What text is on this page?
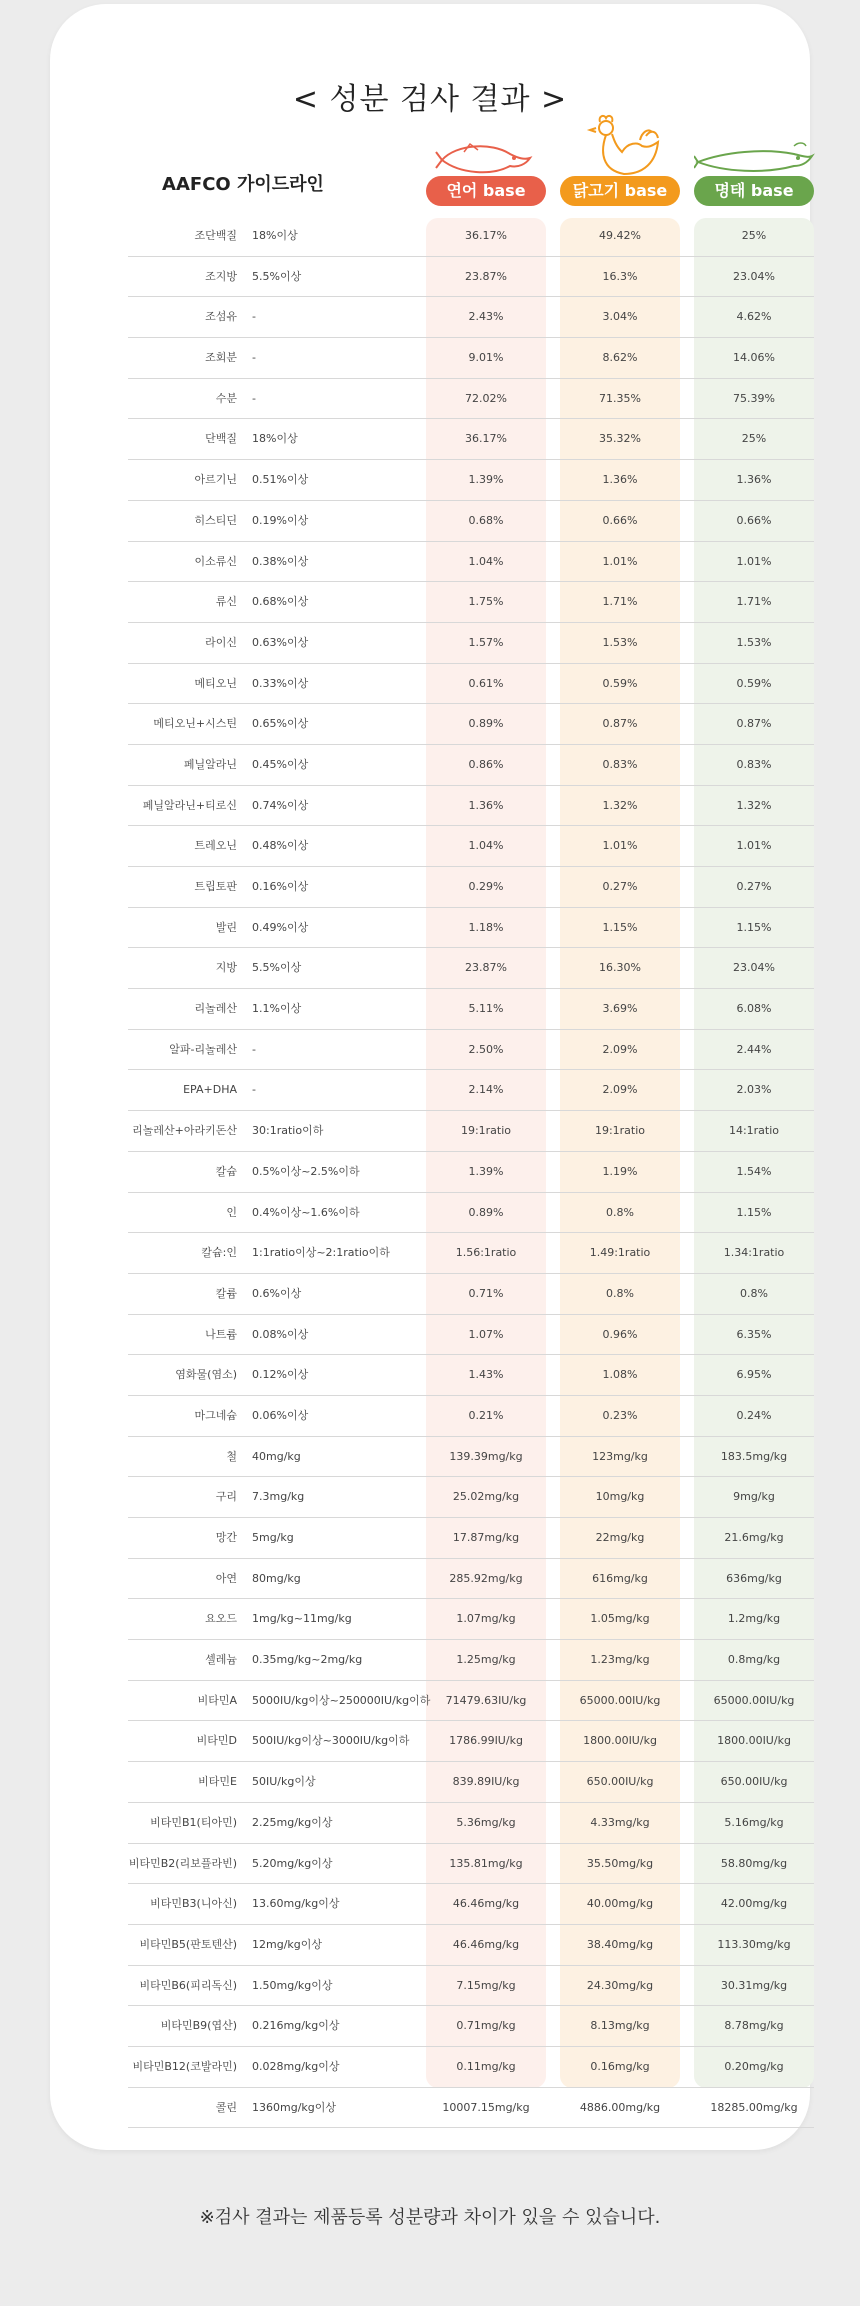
< 성분 검사 결과 >
AAFCO 가이드라인	연어 base	닭고기 base	명태 base
조단백질 18%이상	36.17%	49.42%	25%
조지방 5.5%이상	23.87%	16.3%	23.04%
조섬유 -	2.43%	3.04%	4.62%
조회분 -	9.01%	8.62%	14.06%
수분 -	72.02%	71.35%	75.39%
단백질 18%이상	36.17%	35.32%	25%
아르기닌 0.51%이상	1.39%	1.36%	1.36%
히스티딘 0.19%이상	0.68%	0.66%	0.66%
이소류신 0.38%이상	1.04%	1.01%	1.01%
류신 0.68%이상	1.75%	1.71%	1.71%
라이신 0.63%이상	1.57%	1.53%	1.53%
메티오닌 0.33%이상	0.61%	0.59%	0.59%
메티오닌+시스틴 0.65%이상	0.89%	0.87%	0.87%
페닐알라닌 0.45%이상	0.86%	0.83%	0.83%
페닐알라닌+티로신 0.74%이상	1.36%	1.32%	1.32%
트레오닌 0.48%이상	1.04%	1.01%	1.01%
트립토판 0.16%이상	0.29%	0.27%	0.27%
발린 0.49%이상	1.18%	1.15%	1.15%
지방 5.5%이상	23.87%	16.30%	23.04%
리놀레산 1.1%이상	5.11%	3.69%	6.08%
알파-리놀레산 -	2.50%	2.09%	2.44%
EPA+DHA -	2.14%	2.09%	2.03%
리놀레산+아라키돈산 30:1ratio이하	19:1ratio	19:1ratio	14:1ratio
칼슘 0.5%이상~2.5%이하	1.39%	1.19%	1.54%
인 0.4%이상~1.6%이하	0.89%	0.8%	1.15%
칼슘:인 1:1ratio이상~2:1ratio이하	1.56:1ratio	1.49:1ratio	1.34:1ratio
칼륨 0.6%이상	0.71%	0.8%	0.8%
나트륨 0.08%이상	1.07%	0.96%	6.35%
염화물(염소) 0.12%이상	1.43%	1.08%	6.95%
마그네슘 0.06%이상	0.21%	0.23%	0.24%
철 40mg/kg	139.39mg/kg	123mg/kg	183.5mg/kg
구리 7.3mg/kg	25.02mg/kg	10mg/kg	9mg/kg
망간 5mg/kg	17.87mg/kg	22mg/kg	21.6mg/kg
아연 80mg/kg	285.92mg/kg	616mg/kg	636mg/kg
요오드 1mg/kg~11mg/kg	1.07mg/kg	1.05mg/kg	1.2mg/kg
셀레늄 0.35mg/kg~2mg/kg	1.25mg/kg	1.23mg/kg	0.8mg/kg
비타민A 5000IU/kg이상~250000IU/kg이하	71479.63IU/kg	65000.00IU/kg	65000.00IU/kg
비타민D 500IU/kg이상~3000IU/kg이하	1786.99IU/kg	1800.00IU/kg	1800.00IU/kg
비타민E 50IU/kg이상	839.89IU/kg	650.00IU/kg	650.00IU/kg
비타민B1(티아민) 2.25mg/kg이상	5.36mg/kg	4.33mg/kg	5.16mg/kg
비타민B2(리보플라빈) 5.20mg/kg이상	135.81mg/kg	35.50mg/kg	58.80mg/kg
비타민B3(니아신) 13.60mg/kg이상	46.46mg/kg	40.00mg/kg	42.00mg/kg
비타민B5(판토텐산) 12mg/kg이상	46.46mg/kg	38.40mg/kg	113.30mg/kg
비타민B6(피리독신) 1.50mg/kg이상	7.15mg/kg	24.30mg/kg	30.31mg/kg
비타민B9(엽산) 0.216mg/kg이상	0.71mg/kg	8.13mg/kg	8.78mg/kg
비타민B12(코발라민) 0.028mg/kg이상	0.11mg/kg	0.16mg/kg	0.20mg/kg
콜린 1360mg/kg이상	10007.15mg/kg	4886.00mg/kg	18285.00mg/kg
※검사 결과는 제품등록 성분량과 차이가 있을 수 있습니다.
